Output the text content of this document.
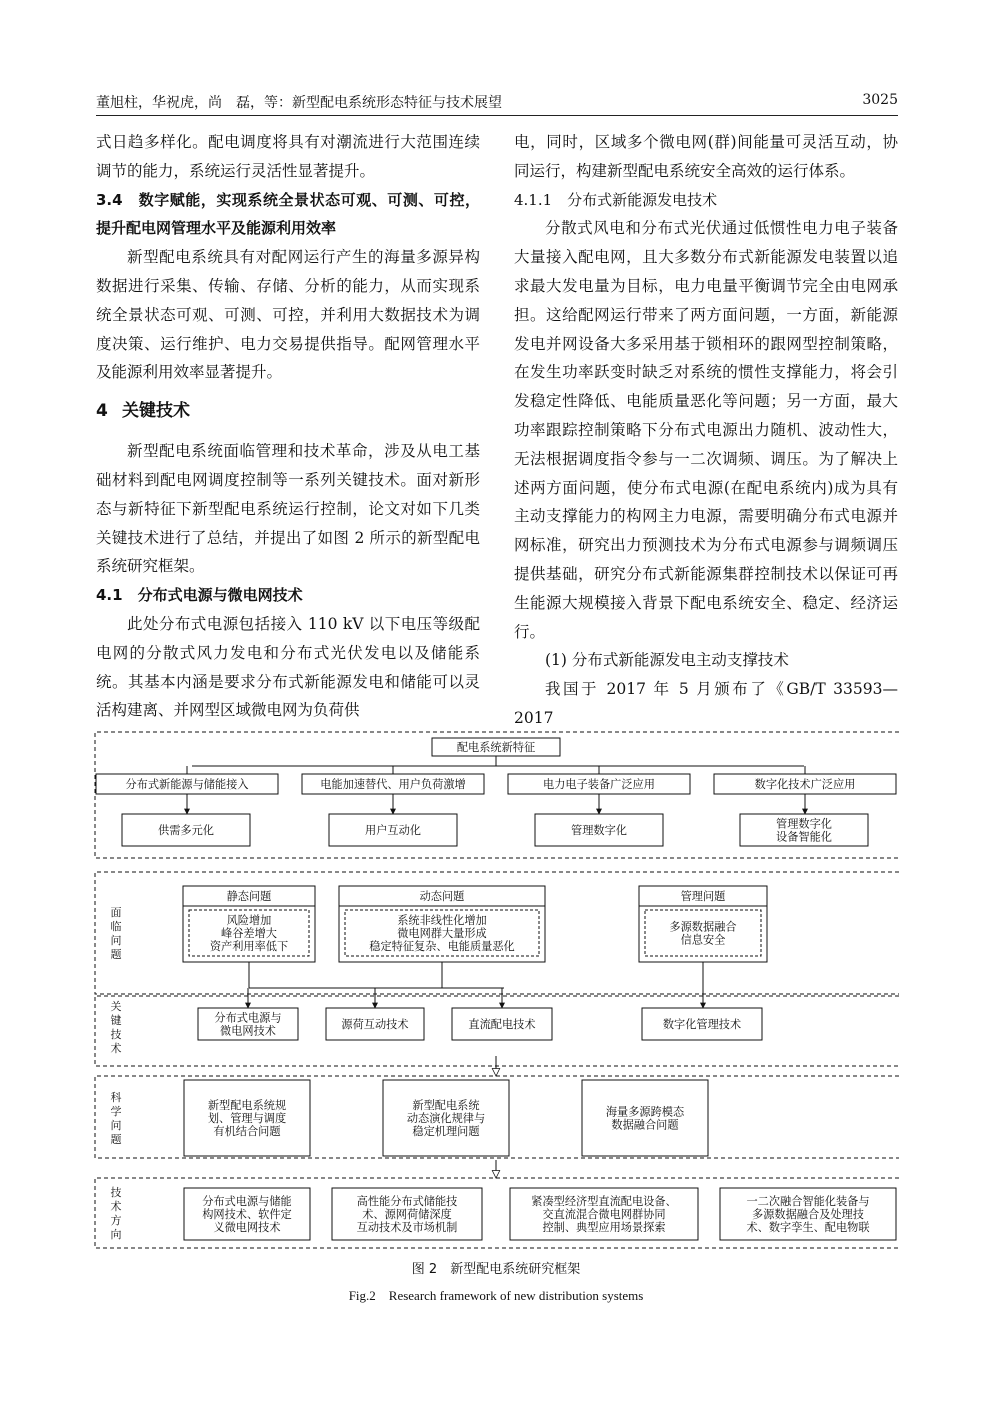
董旭柱，华祝虎，尚　磊，等：新型配电系统形态特征与技术展望	3025

式日趋多样化。配电调度将具有对潮流进行大范围连续调节的能力，系统运行灵活性显著提升。

3.4　数字赋能，实现系统全景状态可观、可测、可控，提升配电网管理水平及能源利用效率

新型配电系统具有对配网运行产生的海量多源异构数据进行采集、传输、存储、分析的能力，从而实现系统全景状态可观、可测、可控，并利用大数据技术为调度决策、运行维护、电力交易提供指导。配网管理水平及能源利用效率显著提升。

4 关键技术

新型配电系统面临管理和技术革命，涉及从电工基础材料到配电网调度控制等一系列关键技术。面对新形态与新特征下新型配电系统运行控制，论文对如下几类关键技术进行了总结，并提出了如图 2 所示的新型配电系统研究框架。

4.1　分布式电源与微电网技术

此处分布式电源包括接入 110 kV 以下电压等级配电网的分散式风力发电和分布式光伏发电以及储能系统。其基本内涵是要求分布式新能源发电和储能可以灵活构建离、并网型区域微电网为负荷供

电，同时，区域多个微电网(群)间能量可灵活互动，协同运行，构建新型配电系统安全高效的运行体系。

4.1.1　分布式新能源发电技术

分散式风电和分布式光伏通过低惯性电力电子装备大量接入配电网，且大多数分布式新能源发电装置以追求最大发电量为目标，电力电量平衡调节完全由电网承担。这给配网运行带来了两方面问题，一方面，新能源发电并网设备大多采用基于锁相环的跟网型控制策略，在发生功率跃变时缺乏对系统的惯性支撑能力，将会引发稳定性降低、电能质量恶化等问题；另一方面，最大功率跟踪控制策略下分布式电源出力随机、波动性大，无法根据调度指令参与一二次调频、调压。为了解决上述两方面问题，使分布式电源(在配电系统内)成为具有主动支撑能力的构网主力电源，需要明确分布式电源并网标准，研究出力预测技术为分布式电源参与调频调压提供基础，研究分布式新能源集群控制技术以保证可再生能源大规模接入背景下配电系统安全、稳定、经济运行。

(1) 分布式新能源发电主动支撑技术

我国于 2017 年 5 月颁布了《GB/T 33593—2017

配电系统新特征
分布式新能源与储能接入	电能加速替代、用户负荷激增	电力电子装备广泛应用	数字化技术广泛应用
供需多元化	用户互动化	管理数字化	管理数字化
设备智能化
面
临
问
题
静态问题
风险增加
峰谷差增大
资产利用率低下
动态问题
系统非线性化增加
微电网群大量形成
稳定特征复杂、电能质量恶化
管理问题
多源数据融合
信息安全
关
键
技
术
分布式电源与
微电网技术	源荷互动技术	直流配电技术	数字化管理技术
科
学
问
题
新型配电系统规
划、管理与调度
有机结合问题
新型配电系统
动态演化规律与
稳定机理问题
海量多源跨模态
数据融合问题
技
术
方
向
分布式电源与储能
构网技术、软件定
义微电网技术
高性能分布式储能技
术、源网荷储深度
互动技术及市场机制
紧凑型经济型直流配电设备、
交直流混合微电网群协同
控制、典型应用场景探索
一二次融合智能化装备与
多源数据融合及处理技
术、数字孪生、配电物联
图 2　新型配电系统研究框架
Fig.2　Research framework of new distribution systems
